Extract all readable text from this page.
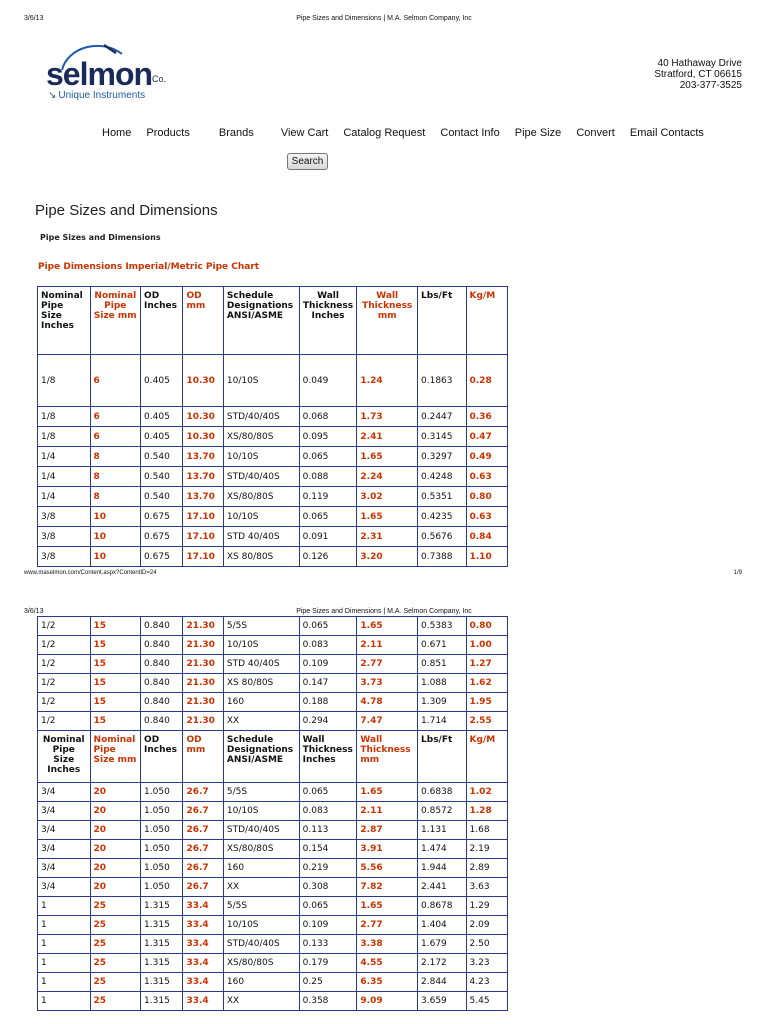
3/6/13	Pipe Sizes and Dimensions | M.A. Selmon Company, Inc
selmon Co.
↘ Unique Instruments
40 Hathaway Drive
Stratford, CT 06615
203-377-3525
Home Products	Brands View Cart Catalog Request Contact Info Pipe Size Convert Email Contacts
Search
Pipe Sizes and Dimensions
Pipe Sizes and Dimensions
Pipe Dimensions Imperial/Metric Pipe Chart
Nominal Pipe Size Inches	Nominal Pipe Size mm	OD Inches	OD mm	Schedule Designations ANSI/ASME	Wall Thickness Inches	Wall Thickness mm	Lbs/Ft	Kg/M
1/8	6	0.405	10.30	10/10S	0.049	1.24	0.1863	0.28
1/8	6	0.405	10.30	STD/40/40S	0.068	1.73	0.2447	0.36
1/8	6	0.405	10.30	XS/80/80S	0.095	2.41	0.3145	0.47
1/4	8	0.540	13.70	10/10S	0.065	1.65	0.3297	0.49
1/4	8	0.540	13.70	STD/40/40S	0.088	2.24	0.4248	0.63
1/4	8	0.540	13.70	XS/80/80S	0.119	3.02	0.5351	0.80
3/8	10	0.675	17.10	10/10S	0.065	1.65	0.4235	0.63
3/8	10	0.675	17.10	STD 40/40S	0.091	2.31	0.5676	0.84
3/8	10	0.675	17.10	XS 80/80S	0.126	3.20	0.7388	1.10
www.maselmon.com/Content.aspx?ContentID=24	1/9
3/6/13	Pipe Sizes and Dimensions | M.A. Selmon Company, Inc
1/2	15	0.840	21.30	5/5S	0.065	1.65	0.5383	0.80
1/2	15	0.840	21.30	10/10S	0.083	2.11	0.671	1.00
1/2	15	0.840	21.30	STD 40/40S	0.109	2.77	0.851	1.27
1/2	15	0.840	21.30	XS 80/80S	0.147	3.73	1.088	1.62
1/2	15	0.840	21.30	160	0.188	4.78	1.309	1.95
1/2	15	0.840	21.30	XX	0.294	7.47	1.714	2.55
Nominal Pipe Size Inches	Nominal Pipe Size mm	OD Inches	OD mm	Schedule Designations ANSI/ASME	Wall Thickness Inches	Wall Thickness mm	Lbs/Ft	Kg/M
3/4	20	1.050	26.7	5/5S	0.065	1.65	0.6838	1.02
3/4	20	1.050	26.7	10/10S	0.083	2.11	0.8572	1.28
3/4	20	1.050	26.7	STD/40/40S	0.113	2.87	1.131	1.68
3/4	20	1.050	26.7	XS/80/80S	0.154	3.91	1.474	2.19
3/4	20	1.050	26.7	160	0.219	5.56	1.944	2.89
3/4	20	1.050	26.7	XX	0.308	7.82	2.441	3.63
1	25	1.315	33.4	5/5S	0.065	1.65	0.8678	1.29
1	25	1.315	33.4	10/10S	0.109	2.77	1.404	2.09
1	25	1.315	33.4	STD/40/40S	0.133	3.38	1.679	2.50
1	25	1.315	33.4	XS/80/80S	0.179	4.55	2.172	3.23
1	25	1.315	33.4	160	0.25	6.35	2.844	4.23
1	25	1.315	33.4	XX	0.358	9.09	3.659	5.45
